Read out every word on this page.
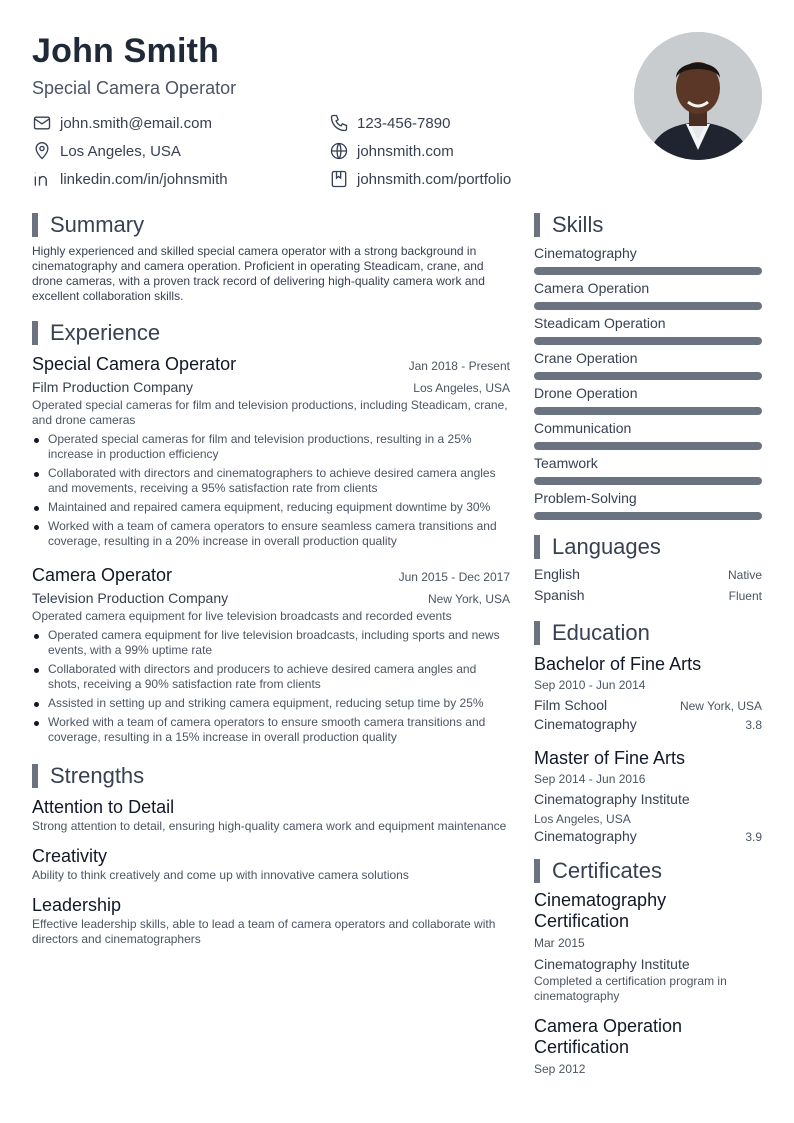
John Smith
Special Camera Operator
john.smith@email.com	123-456-7890
Los Angeles, USA	johnsmith.com
linkedin.com/in/johnsmith	johnsmith.com/portfolio
Summary
Highly experienced and skilled special camera operator with a strong background in cinematography and camera operation. Proficient in operating Steadicam, crane, and drone cameras, with a proven track record of delivering high-quality camera work and excellent collaboration skills.
Experience
Special Camera Operator	Jan 2018 - Present
Film Production Company	Los Angeles, USA
Operated special cameras for film and television productions, including Steadicam, crane, and drone cameras
Operated special cameras for film and television productions, resulting in a 25% increase in production efficiency
Collaborated with directors and cinematographers to achieve desired camera angles and movements, receiving a 95% satisfaction rate from clients
Maintained and repaired camera equipment, reducing equipment downtime by 30%
Worked with a team of camera operators to ensure seamless camera transitions and coverage, resulting in a 20% increase in overall production quality
Camera Operator	Jun 2015 - Dec 2017
Television Production Company	New York, USA
Operated camera equipment for live television broadcasts and recorded events
Operated camera equipment for live television broadcasts, including sports and news events, with a 99% uptime rate
Collaborated with directors and producers to achieve desired camera angles and shots, receiving a 90% satisfaction rate from clients
Assisted in setting up and striking camera equipment, reducing setup time by 25%
Worked with a team of camera operators to ensure smooth camera transitions and coverage, resulting in a 15% increase in overall production quality
Strengths
Attention to Detail
Strong attention to detail, ensuring high-quality camera work and equipment maintenance
Creativity
Ability to think creatively and come up with innovative camera solutions
Leadership
Effective leadership skills, able to lead a team of camera operators and collaborate with directors and cinematographers
Skills
Cinematography
Camera Operation
Steadicam Operation
Crane Operation
Drone Operation
Communication
Teamwork
Problem-Solving
Languages
English	Native
Spanish	Fluent
Education
Bachelor of Fine Arts
Sep 2010 - Jun 2014
Film School	New York, USA
Cinematography	3.8
Master of Fine Arts
Sep 2014 - Jun 2016
Cinematography Institute
Los Angeles, USA
Cinematography	3.9
Certificates
Cinematography Certification
Mar 2015
Cinematography Institute
Completed a certification program in cinematography
Camera Operation Certification
Sep 2012
